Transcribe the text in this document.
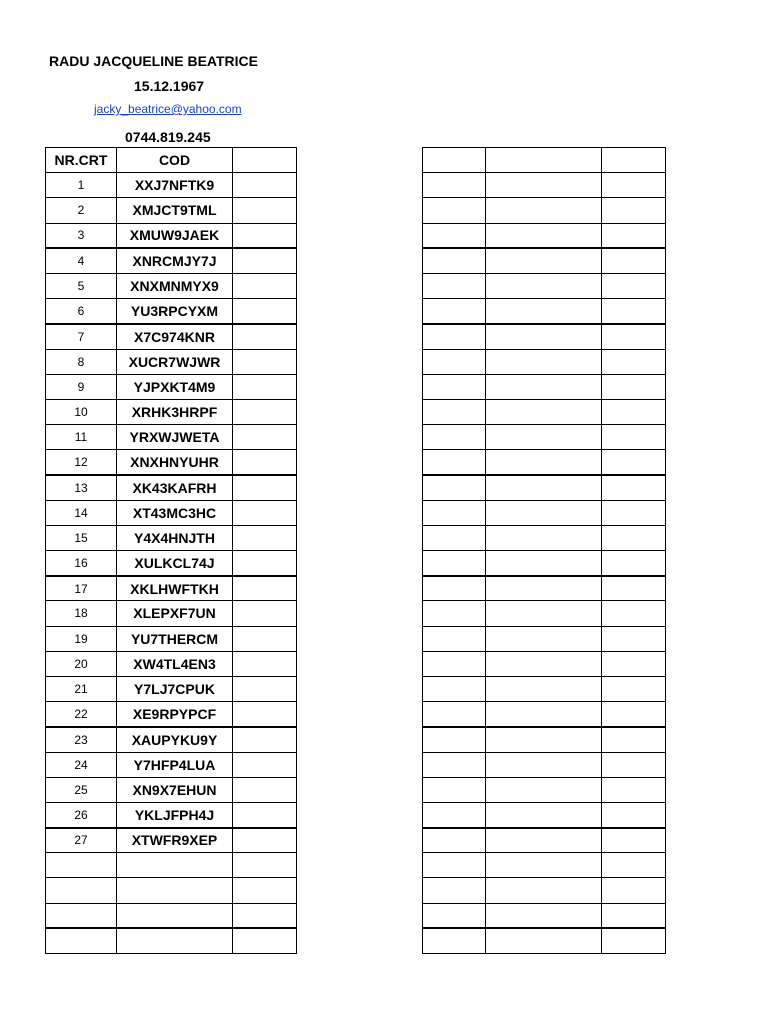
RADU JACQUELINE BEATRICE
15.12.1967
jacky_beatrice@yahoo.com
0744.819.245
NR.CRT	COD	
1	XXJ7NFTK9	
2	XMJCT9TML	
3	XMUW9JAEK	
4	XNRCMJY7J	
5	XNXMNMYX9	
6	YU3RPCYXM	
7	X7C974KNR	
8	XUCR7WJWR	
9	YJPXKT4M9	
10	XRHK3HRPF	
11	YRXWJWETA	
12	XNXHNYUHR	
13	XK43KAFRH	
14	XT43MC3HC	
15	Y4X4HNJTH	
16	XULKCL74J	
17	XKLHWFTKH	
18	XLEPXF7UN	
19	YU7THERCM	
20	XW4TL4EN3	
21	Y7LJ7CPUK	
22	XE9RPYPCF	
23	XAUPYKU9Y	
24	Y7HFP4LUA	
25	XN9X7EHUN	
26	YKLJFPH4J	
27	XTWFR9XEP	
